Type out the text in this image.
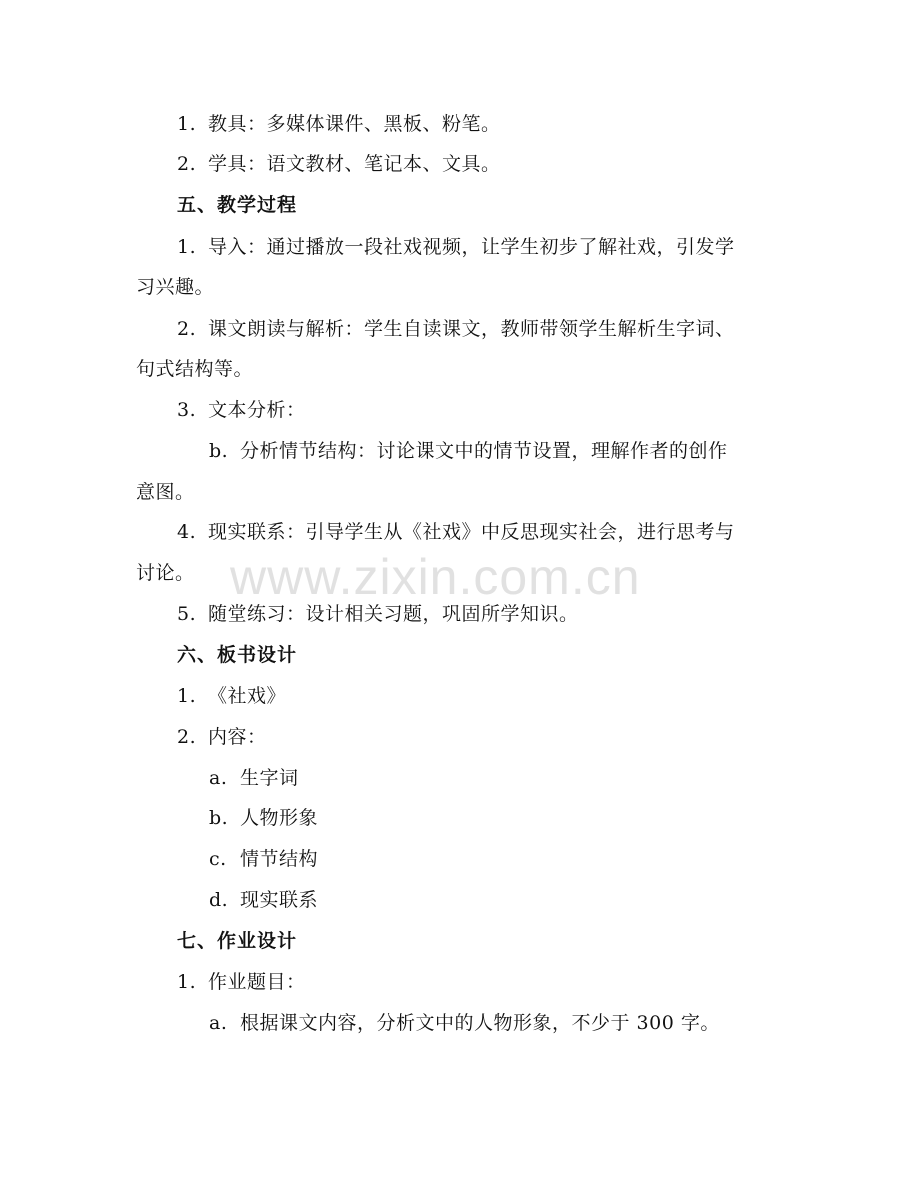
1. 教具：多媒体课件、黑板、粉笔。
2. 学具：语文教材、笔记本、文具。
五、教学过程
1. 导入：通过播放一段社戏视频，让学生初步了解社戏，引发学
习兴趣。
2. 课文朗读与解析：学生自读课文，教师带领学生解析生字词、
句式结构等。
3. 文本分析：
b. 分析情节结构：讨论课文中的情节设置，理解作者的创作
意图。
4. 现实联系：引导学生从《社戏》中反思现实社会，进行思考与
讨论。
5. 随堂练习：设计相关习题，巩固所学知识。
六、板书设计
1. 《社戏》
2. 内容：
a. 生字词
b. 人物形象
c. 情节结构
d. 现实联系
七、作业设计
1. 作业题目：
a. 根据课文内容，分析文中的人物形象，不少于 300 字。
www.zixin.com.cn
